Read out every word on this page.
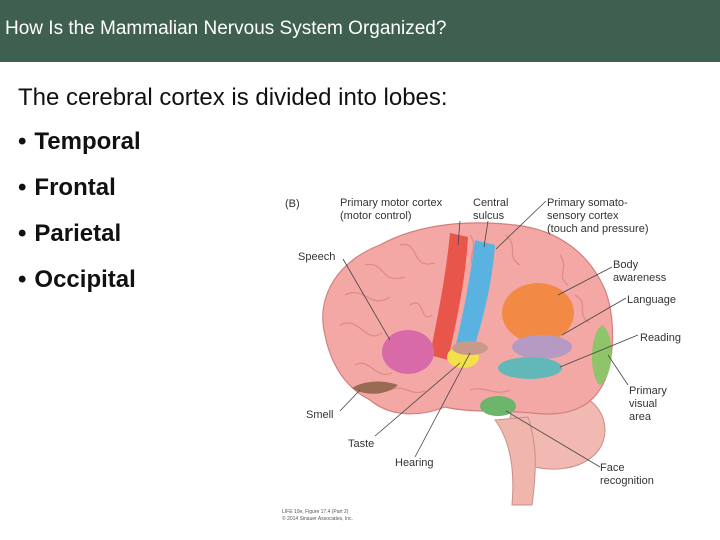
How Is the Mammalian Nervous System Organized?
The cerebral cortex is divided into lobes:
• Temporal
• Frontal
• Parietal
• Occipital
(B)	Primary motor cortex
(motor control)
Central
sulcus
Primary somato-
sensory cortex
(touch and pressure)
Speech
Body
awareness
Language
Reading
Primary
visual
area
Smell
Taste
Hearing	Face
recognition
LIFE 10e, Figure 17.4 (Part 2)
© 2014 Sinauer Associates, Inc.
